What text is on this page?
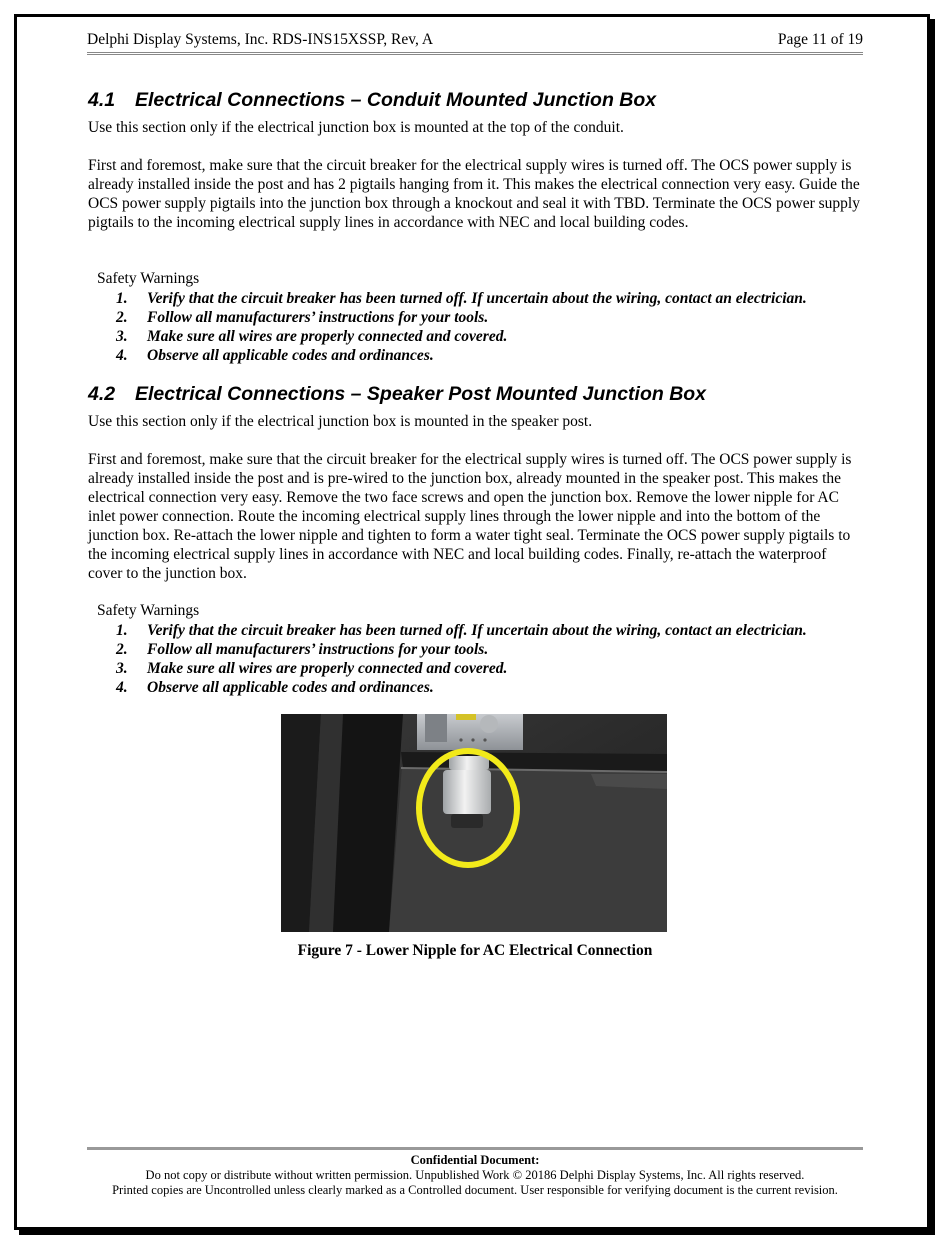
Delphi Display Systems, Inc. RDS-INS15XSSP, Rev, A	Page 11 of 19
4.1 Electrical Connections – Conduit Mounted Junction Box

Use this section only if the electrical junction box is mounted at the top of the conduit.

First and foremost, make sure that the circuit breaker for the electrical supply wires is turned off. The OCS power supply is already installed inside the post and has 2 pigtails hanging from it. This makes the electrical connection very easy. Guide the OCS power supply pigtails into the junction box through a knockout and seal it with TBD. Terminate the OCS power supply pigtails to the incoming electrical supply lines in accordance with NEC and local building codes.

Safety Warnings
1. Verify that the circuit breaker has been turned off. If uncertain about the wiring, contact an electrician.
2. Follow all manufacturers’ instructions for your tools.
3. Make sure all wires are properly connected and covered.
4. Observe all applicable codes and ordinances.
4.2 Electrical Connections – Speaker Post Mounted Junction Box

Use this section only if the electrical junction box is mounted in the speaker post.

First and foremost, make sure that the circuit breaker for the electrical supply wires is turned off. The OCS power supply is already installed inside the post and is pre-wired to the junction box, already mounted in the speaker post. This makes the electrical connection very easy. Remove the two face screws and open the junction box. Remove the lower nipple for AC inlet power connection. Route the incoming electrical supply lines through the lower nipple and into the bottom of the junction box. Re-attach the lower nipple and tighten to form a water tight seal. Terminate the OCS power supply pigtails to the incoming electrical supply lines in accordance with NEC and local building codes. Finally, re-attach the waterproof cover to the junction box.

Safety Warnings
1. Verify that the circuit breaker has been turned off. If uncertain about the wiring, contact an electrician.
2. Follow all manufacturers’ instructions for your tools.
3. Make sure all wires are properly connected and covered.
4. Observe all applicable codes and ordinances.
Figure 7 - Lower Nipple for AC Electrical Connection
Confidential Document:
Do not copy or distribute without written permission. Unpublished Work © 20186 Delphi Display Systems, Inc. All rights reserved.
Printed copies are Uncontrolled unless clearly marked as a Controlled document. User responsible for verifying document is the current revision.
